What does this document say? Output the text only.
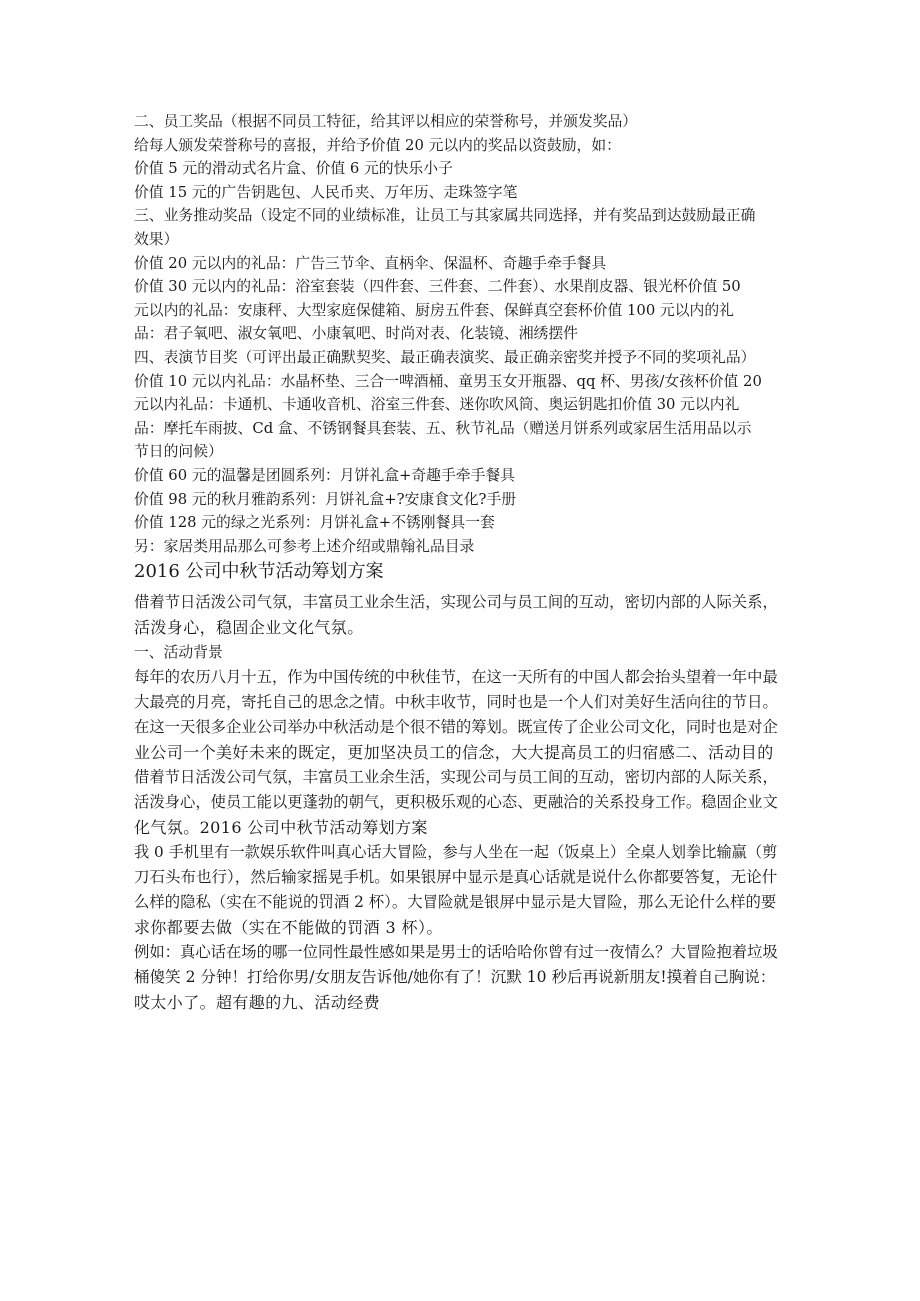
二、员工奖品（根据不同员工特征，给其评以相应的荣誉称号，并颁发奖品）
给每人颁发荣誉称号的喜报，并给予价值 20 元以内的奖品以资鼓励，如：
价值 5 元的滑动式名片盒、价值 6 元的快乐小子
价值 15 元的广告钥匙包、人民币夹、万年历、走珠签字笔
三、业务推动奖品（设定不同的业绩标准，让员工与其家属共同选择，并有奖品到达鼓励最正确
效果）
价值 20 元以内的礼品：广告三节伞、直柄伞、保温杯、奇趣手牵手餐具
价值 30 元以内的礼品：浴室套装（四件套、三件套、二件套）、水果削皮器、银光杯价值 50
元以内的礼品：安康秤、大型家庭保健箱、厨房五件套、保鲜真空套杯价值 100 元以内的礼
品：君子氧吧、淑女氧吧、小康氧吧、时尚对表、化装镜、湘绣摆件
四、表演节目奖（可评出最正确默契奖、最正确表演奖、最正确亲密奖并授予不同的奖项礼品）
价值 10 元以内礼品：水晶杯垫、三合一啤酒桶、童男玉女开瓶器、qq 杯、男孩/女孩杯价值 20
元以内礼品：卡通机、卡通收音机、浴室三件套、迷你吹风筒、奥运钥匙扣价值 30 元以内礼
品：摩托车雨披、Cd 盒、不锈钢餐具套装、五、秋节礼品（赠送月饼系列或家居生活用品以示
节日的问候）
价值 60 元的温馨是团圆系列：月饼礼盒+奇趣手牵手餐具
价值 98 元的秋月雅韵系列：月饼礼盒+?安康食文化?手册
价值 128 元的绿之光系列：月饼礼盒+不锈刚餐具一套
另：家居类用品那么可参考上述介绍或鼎翰礼品目录
2016 公司中秋节活动筹划方案
借着节日活泼公司气氛，丰富员工业余生活，实现公司与员工间的互动，密切内部的人际关系，
活泼身心，稳固企业文化气氛。
一、活动背景
每年的农历八月十五，作为中国传统的中秋佳节，在这一天所有的中国人都会抬头望着一年中最
大最亮的月亮，寄托自己的思念之情。中秋丰收节，同时也是一个人们对美好生活向往的节日。
在这一天很多企业公司举办中秋活动是个很不错的筹划。既宣传了企业公司文化，同时也是对企
业公司一个美好未来的既定，更加坚决员工的信念，大大提高员工的归宿感二、活动目的
借着节日活泼公司气氛，丰富员工业余生活，实现公司与员工间的互动，密切内部的人际关系，
活泼身心，使员工能以更蓬勃的朝气，更积极乐观的心态、更融洽的关系投身工作。稳固企业文
化气氛。2016 公司中秋节活动筹划方案
我 0 手机里有一款娱乐软件叫真心话大冒险，参与人坐在一起（饭桌上）全桌人划拳比输赢（剪
刀石头布也行），然后输家摇晃手机。如果银屏中显示是真心话就是说什么你都要答复，无论什
么样的隐私（实在不能说的罚酒 2 杯）。大冒险就是银屏中显示是大冒险，那么无论什么样的要
求你都要去做（实在不能做的罚酒 3 杯）。
例如：真心话在场的哪一位同性最性感如果是男士的话哈哈你曾有过一夜情么？大冒险抱着垃圾
桶傻笑 2 分钟！打给你男/女朋友告诉他/她你有了！沉默 10 秒后再说新朋友!摸着自己胸说：
哎太小了。超有趣的九、活动经费
